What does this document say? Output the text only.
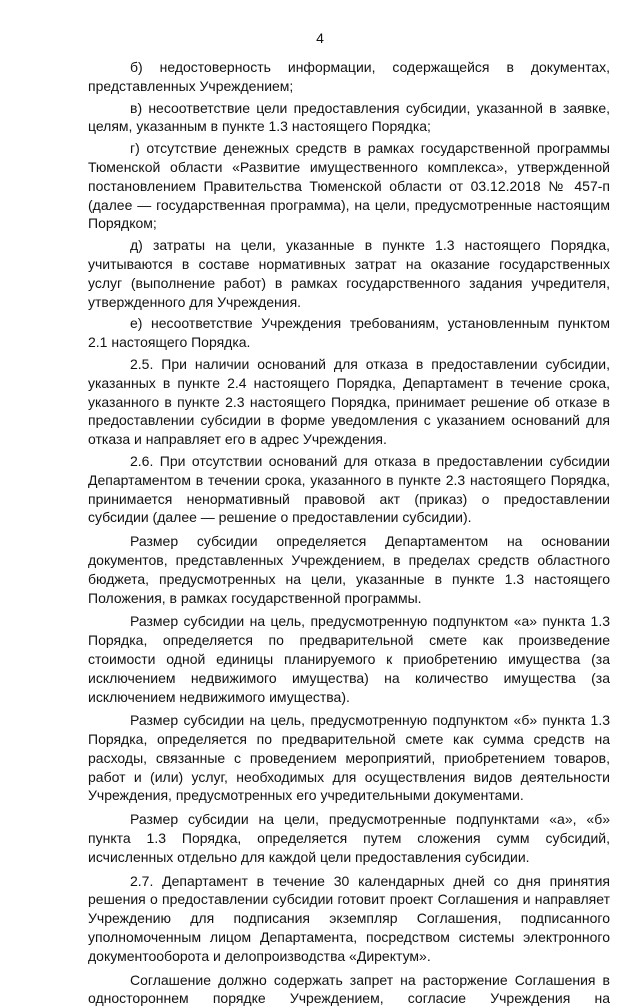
4

б) недостоверность информации, содержащейся в документах, представленных Учреждением;

в) несоответствие цели предоставления субсидии, указанной в заявке, целям, указанным в пункте 1.3 настоящего Порядка;

г) отсутствие денежных средств в рамках государственной программы Тюменской области «Развитие имущественного комплекса», утвержденной постановлением Правительства Тюменской области от 03.12.2018 № 457-п (далее — государственная программа), на цели, предусмотренные настоящим Порядком;

д) затраты на цели, указанные в пункте 1.3 настоящего Порядка, учитываются в составе нормативных затрат на оказание государственных услуг (выполнение работ) в рамках государственного задания учредителя, утвержденного для Учреждения.

е) несоответствие Учреждения требованиям, установленным пунктом 2.1 настоящего Порядка.

2.5. При наличии оснований для отказа в предоставлении субсидии, указанных в пункте 2.4 настоящего Порядка, Департамент в течение срока, указанного в пункте 2.3 настоящего Порядка, принимает решение об отказе в предоставлении субсидии в форме уведомления с указанием оснований для отказа и направляет его в адрес Учреждения.

2.6. При отсутствии оснований для отказа в предоставлении субсидии Департаментом в течении срока, указанного в пункте 2.3 настоящего Порядка, принимается ненормативный правовой акт (приказ) о предоставлении субсидии (далее — решение о предоставлении субсидии).

Размер субсидии определяется Департаментом на основании документов, представленных Учреждением, в пределах средств областного бюджета, предусмотренных на цели, указанные в пункте 1.3 настоящего Положения, в рамках государственной программы.

Размер субсидии на цель, предусмотренную подпунктом «а» пункта 1.3 Порядка, определяется по предварительной смете как произведение стоимости одной единицы планируемого к приобретению имущества (за исключением недвижимого имущества) на количество имущества (за исключением недвижимого имущества).

Размер субсидии на цель, предусмотренную подпунктом «б» пункта 1.3 Порядка, определяется по предварительной смете как сумма средств на расходы, связанные с проведением мероприятий, приобретением товаров, работ и (или) услуг, необходимых для осуществления видов деятельности Учреждения, предусмотренных его учредительными документами.

Размер субсидии на цели, предусмотренные подпунктами «а», «б» пункта 1.3 Порядка, определяется путем сложения сумм субсидий, исчисленных отдельно для каждой цели предоставления субсидии.

2.7. Департамент в течение 30 календарных дней со дня принятия решения о предоставлении субсидии готовит проект Соглашения и направляет Учреждению для подписания экземпляр Соглашения, подписанного уполномоченным лицом Департамента, посредством системы электронного документооборота и делопроизводства «Директум».

Соглашение должно содержать запрет на расторжение Соглашения в одностороннем порядке Учреждением, согласие Учреждения на
